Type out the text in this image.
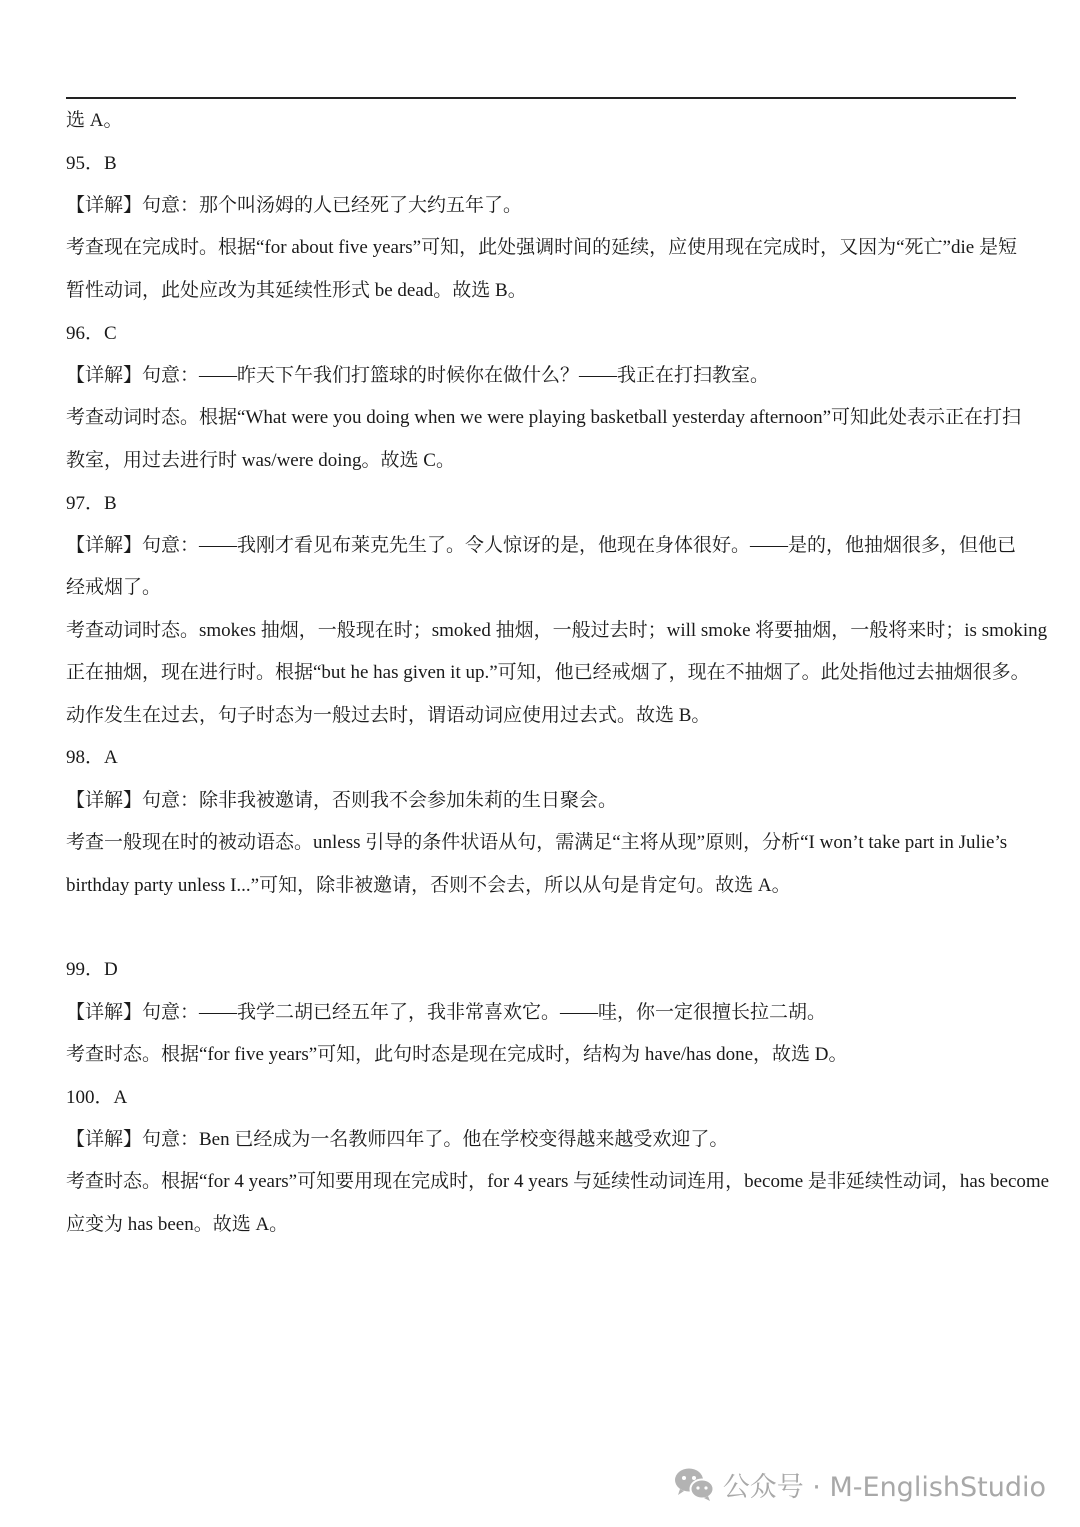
选 A。
95．B
【详解】句意：那个叫汤姆的人已经死了大约五年了。
考查现在完成时。根据“for about five years”可知，此处强调时间的延续，应使用现在完成时，又因为“死亡”die 是短
暂性动词，此处应改为其延续性形式 be dead。故选 B。
96．C
【详解】句意：——昨天下午我们打篮球的时候你在做什么？——我正在打扫教室。
考查动词时态。根据“What were you doing when we were playing basketball yesterday afternoon”可知此处表示正在打扫
教室，用过去进行时 was/were doing。故选 C。
97．B
【详解】句意：——我刚才看见布莱克先生了。令人惊讶的是，他现在身体很好。——是的，他抽烟很多，但他已
经戒烟了。
考查动词时态。smokes 抽烟，一般现在时；smoked 抽烟，一般过去时；will smoke 将要抽烟，一般将来时；is smoking
正在抽烟，现在进行时。根据“but he has given it up.”可知，他已经戒烟了，现在不抽烟了。此处指他过去抽烟很多。
动作发生在过去，句子时态为一般过去时，谓语动词应使用过去式。故选 B。
98．A
【详解】句意：除非我被邀请，否则我不会参加朱莉的生日聚会。
考查一般现在时的被动语态。unless 引导的条件状语从句，需满足“主将从现”原则，分析“I won’t take part in Julie’s
birthday party unless I...”可知，除非被邀请，否则不会去，所以从句是肯定句。故选 A。
99．D
【详解】句意：——我学二胡已经五年了，我非常喜欢它。——哇，你一定很擅长拉二胡。
考查时态。根据“for five years”可知，此句时态是现在完成时，结构为 have/has done，故选 D。
100．A
【详解】句意：Ben 已经成为一名教师四年了。他在学校变得越来越受欢迎了。
考查时态。根据“for 4 years”可知要用现在完成时，for 4 years 与延续性动词连用，become 是非延续性动词，has become
应变为 has been。故选 A。
公众号 · M-EnglishStudio
